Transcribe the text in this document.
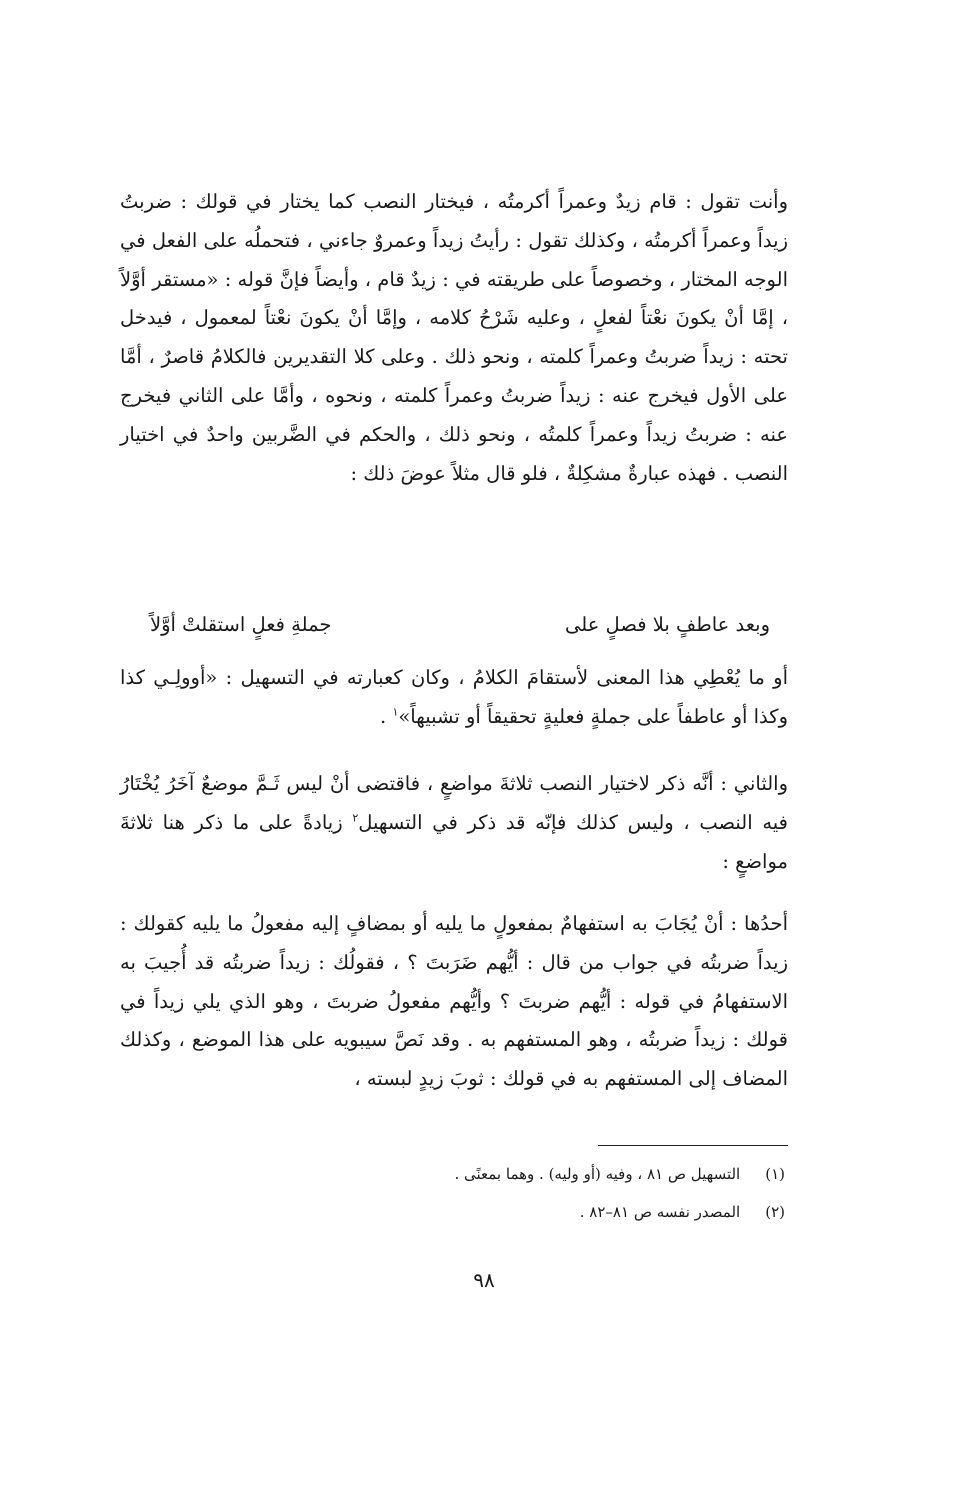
وأنت تقول : قام زيدٌ وعمراً أكرمتُه ، فيختار النصب كما يختار في قولك : ضربتُ زيداً وعمراً أكرمتُه ، وكذلك تقول : رأيتُ زيداً وعمروٌ جاءني ، فتحملُه على الفعل في الوجه المختار ، وخصوصاً على طريقته في : زيدٌ قام ، وأيضاً فإنَّ قوله : «مستقر أوَّلاً ، إمَّا أنْ يكونَ نعْتاً لفعلٍ ، وعليه شَرْحُ كلامه ، وإمَّا أنْ يكونَ نعْتاً لمعمول ، فيدخل تحته : زيداً ضربتُ وعمراً كلمته ، ونحو ذلك . وعلى كلا التقديرين فالكلامُ قاصرٌ ، أمَّا على الأول فيخرج عنه : زيداً ضربتُ وعمراً كلمته ، ونحوه ، وأمَّا على الثاني فيخرج عنه : ضربتُ زيداً وعمراً كلمتُه ، ونحو ذلك ، والحكم في الضَّربين واحدٌ في اختيار النصب . فهذه عبارةٌ مشكِلةٌ ، فلو قال مثلاً عوضَ ذلك :
وبعد عاطفٍ بلا فصلٍ على
جملةِ فعلٍ استقلتْ أوَّلاً
أو ما يُعْطِي هذا المعنى لأستقامَ الكلامُ ، وكان كعبارته في التسهيل : «أوولِـي كذا وكذا أو عاطفاً على جملةٍ فعليةٍ تحقيقاً أو تشبيهاً»$^١$ .
والثاني : أنَّه ذكر لاختيار النصب ثلاثةَ مواضعٍ ، فاقتضى أنْ ليس ثَـمَّ موضعٌ آخَرُ يُخْتَارُ فيه النصب ، وليس كذلك فإنّه قد ذكر في التسهيل$^٢$ زيادةً على ما ذكر هنا ثلاثةَ مواضعٍ :
أحدُها : أنْ يُجَابَ به استفهامٌ بمفعولٍ ما يليه أو بمضافٍ إليه مفعولُ ما يليه كقولك : زيداً ضربتُه في جواب من قال : أيُّهم ضَرَبتَ ؟ ، فقولُك : زيداً ضربتُه قد أُجيبَ به الاستفهامُ في قوله : أيُّهم ضربتَ ؟ وأيُّهم مفعولُ ضربتَ ، وهو الذي يلي زيداً في قولك : زيداً ضربتُه ، وهو المستفهم به . وقد نَصَّ سيبويه على هذا الموضع ، وكذلك المضاف إلى المستفهم به في قولك : ثوبَ زيدٍ لبسته ،
(١) التسهيل ص ٨١ ، وفيه (أو وليه) . وهما بمعنًى .
(٢) المصدر نفسه ص ٨١–٨٢ .
٩٨
